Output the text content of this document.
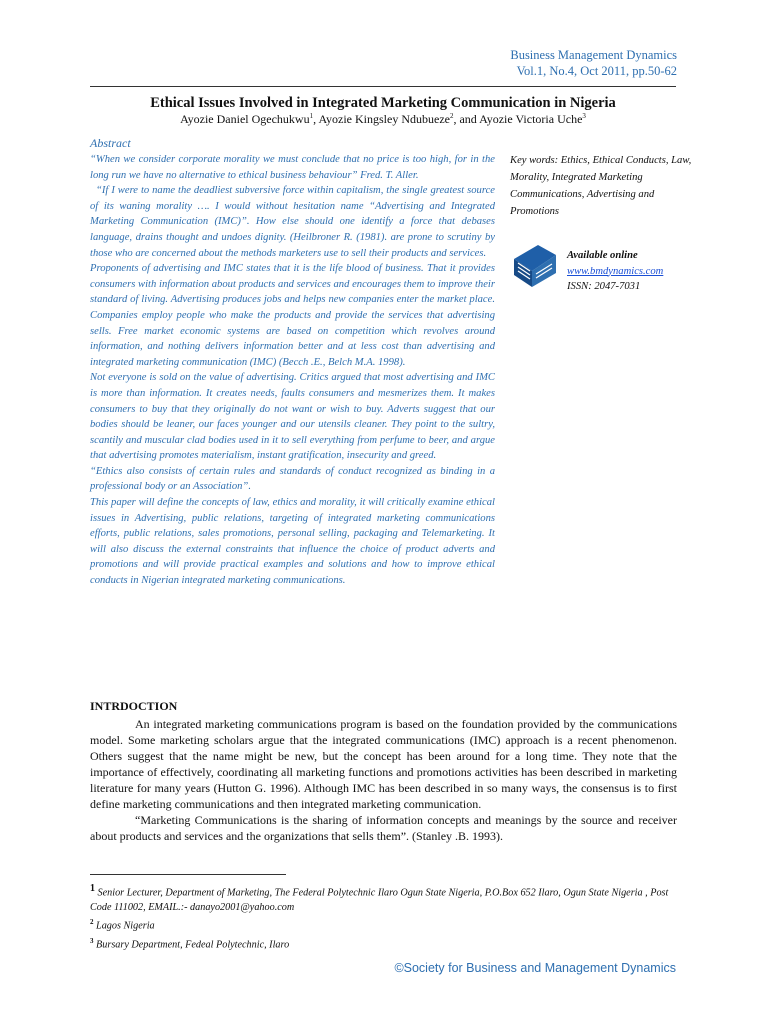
Business Management Dynamics
Vol.1, No.4, Oct 2011, pp.50-62
Ethical Issues Involved in Integrated Marketing Communication in Nigeria
Ayozie Daniel Ogechukwu$^1$, Ayozie Kingsley Ndubueze$^2$, and Ayozie Victoria Uche$^3$
Abstract

“When we consider corporate morality we must conclude that no price is too high, for in the long run we have no alternative to ethical business behaviour” Fred. T. Aller.

“If I were to name the deadliest subversive force within capitalism, the single greatest source of its waning morality …. I would without hesitation name “Advertising and Integrated Marketing Communication (IMC)”. How else should one identify a force that debases language, drains thought and undoes dignity. (Heilbroner R. (1981). are prone to scrutiny by those who are concerned about the methods marketers use to sell their products and services.

Proponents of advertising and IMC states that it is the life blood of business. That it provides consumers with information about products and services and encourages them to improve their standard of living. Advertising produces jobs and helps new companies enter the market place. Companies employ people who make the products and provide the services that advertising sells. Free market economic systems are based on competition which revolves around information, and nothing delivers information better and at less cost than advertising and integrated marketing communication (IMC) (Becch .E., Belch M.A. 1998).

Not everyone is sold on the value of advertising. Critics argued that most advertising and IMC is more than information. It creates needs, faults consumers and mesmerizes them. It makes consumers to buy that they originally do not want or wish to buy. Adverts suggest that our bodies should be leaner, our faces younger and our utensils cleaner. They point to the sultry, scantily and muscular clad bodies used in it to sell everything from perfume to beer, and argue that advertising promotes materialism, instant gratification, insecurity and greed.

“Ethics also consists of certain rules and standards of conduct recognized as binding in a professional body or an Association”.

This paper will define the concepts of law, ethics and morality, it will critically examine ethical issues in Advertising, public relations, targeting of integrated marketing communications efforts, public relations, sales promotions, personal selling, packaging and Telemarketing. It will also discuss the external constraints that influence the choice of product adverts and promotions and will provide practical examples and solutions and how to improve ethical conducts in Nigerian integrated marketing communications.

Key words: Ethics, Ethical Conducts, Law, Morality, Integrated Marketing Communications, Advertising and Promotions
Available online
www.bmdynamics.com
ISSN: 2047-7031
INTRDOCTION

An integrated marketing communications program is based on the foundation provided by the communications model. Some marketing scholars argue that the integrated communications (IMC) approach is a recent phenomenon. Others suggest that the name might be new, but the concept has been around for a long time. They note that the importance of effectively, coordinating all marketing functions and promotions activities has been described in marketing literature for many years (Hutton G. 1996). Although IMC has been described in so many ways, the consensus is to first define marketing communications and then integrated marketing communication.

“Marketing Communications is the sharing of information concepts and meanings by the source and receiver about products and services and the organizations that sells them”. (Stanley .B. 1993).

$^1$ Senior Lecturer, Department of Marketing, The Federal Polytechnic Ilaro Ogun State Nigeria, P.O.Box 652 Ilaro, Ogun State Nigeria , Post Code 111002, EMAIL.:- danayo2001@yahoo.com

$^2$ Lagos Nigeria

$^3$ Bursary Department, Fedeal Polytechnic, Ilaro

©Society for Business and Management Dynamics
